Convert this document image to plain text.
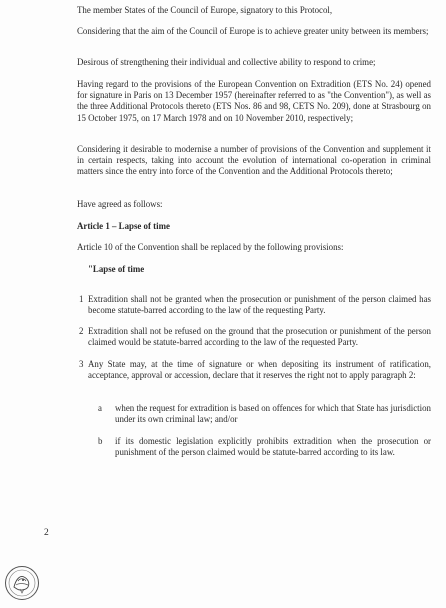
The member States of the Council of Europe, signatory to this Protocol,
Considering that the aim of the Council of Europe is to achieve greater unity between its members;
Desirous of strengthening their individual and collective ability to respond to crime;
Having regard to the provisions of the European Convention on Extradition (ETS No. 24) opened for signature in Paris on 13 December 1957 (hereinafter referred to as "the Convention"), as well as the three Additional Protocols thereto (ETS Nos. 86 and 98, CETS No. 209), done at Strasbourg on 15 October 1975, on 17 March 1978 and on 10 November 2010, respectively;
Considering it desirable to modernise a number of provisions of the Convention and supplement it in certain respects, taking into account the evolution of international co-operation in criminal matters since the entry into force of the Convention and the Additional Protocols thereto;
Have agreed as follows:
Article 1 – Lapse of time
Article 10 of the Convention shall be replaced by the following provisions:
"Lapse of time
1 Extradition shall not be granted when the prosecution or punishment of the person claimed has become statute-barred according to the law of the requesting Party.
2 Extradition shall not be refused on the ground that the prosecution or punishment of the person claimed would be statute-barred according to the law of the requested Party.
3 Any State may, at the time of signature or when depositing its instrument of ratification, acceptance, approval or accession, declare that it reserves the right not to apply paragraph 2:
a when the request for extradition is based on offences for which that State has jurisdiction under its own criminal law; and/or
b if its domestic legislation explicitly prohibits extradition when the prosecution or punishment of the person claimed would be statute-barred according to its law.
2
